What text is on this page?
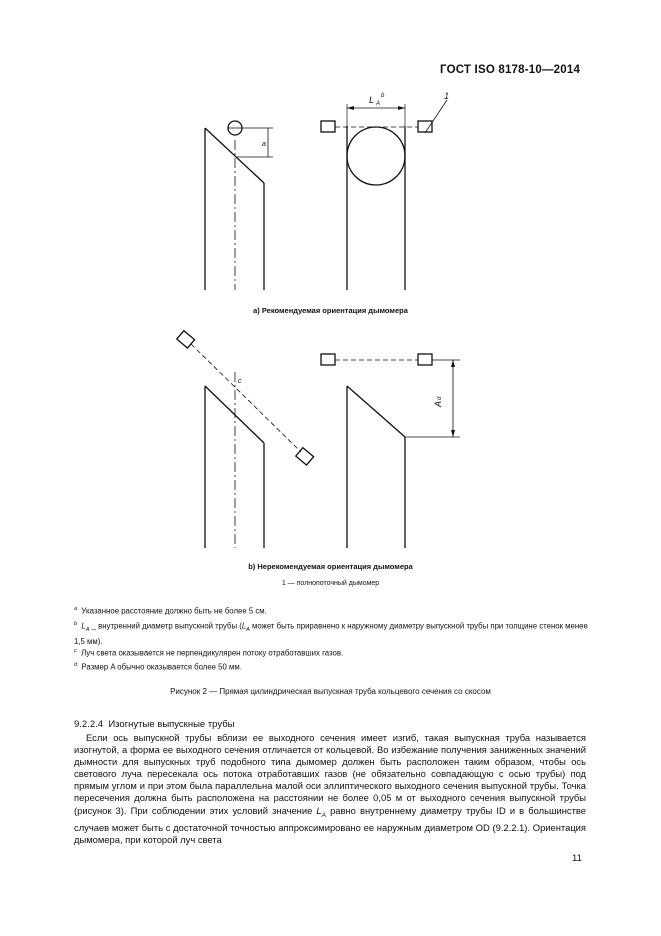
ГОСТ ISO 8178-10—2014
a
L A
b	1
c
A
d
а) Рекомендуемая ориентация дымомера
b) Нерекомендуемая ориентация дымомера
1 — полнопоточный дымомер
$^a$ Указанное расстояние должно быть не более 5 см.
$^b$ $L_A$ _ внутренний диаметр выпускной трубы ($L_A$ может быть приравнено к наружному диаметру выпускной трубы при толщине стенок менее 1,5 мм).
$^c$ Луч света оказывается не перпендикулярен потоку отработавших газов.
$^d$ Размер A обычно оказывается более 50 мм.
Рисунок 2 — Прямая цилиндрическая выпускная труба кольцевого сечения со скосом
9.2.2.4 Изогнутые выпускные трубы
Если ось выпускной трубы вблизи ее выходного сечения имеет изгиб, такая выпускная труба называется изогнутой, а форма ее выходного сечения отличается от кольцевой. Во избежание получения заниженных значений дымности для выпускных труб подобного типа дымомер должен быть расположен таким образом, чтобы ось светового луча пересекала ось потока отработавших газов (не обязательно совпадающую с осью трубы) под прямым углом и при этом была параллельна малой оси эллиптического выходного сечения выпускной трубы. Точка пересечения должна быть расположена на расстоянии не более 0,05 м от выходного сечения выпускной трубы (рисунок 3). При соблюдении этих условий значение $L_A$ равно внутреннему диаметру трубы ID и в большинстве случаев может быть с достаточной точностью аппроксимировано ее наружным диаметром OD (9.2.2.1). Ориентация дымомера, при которой луч света
11
